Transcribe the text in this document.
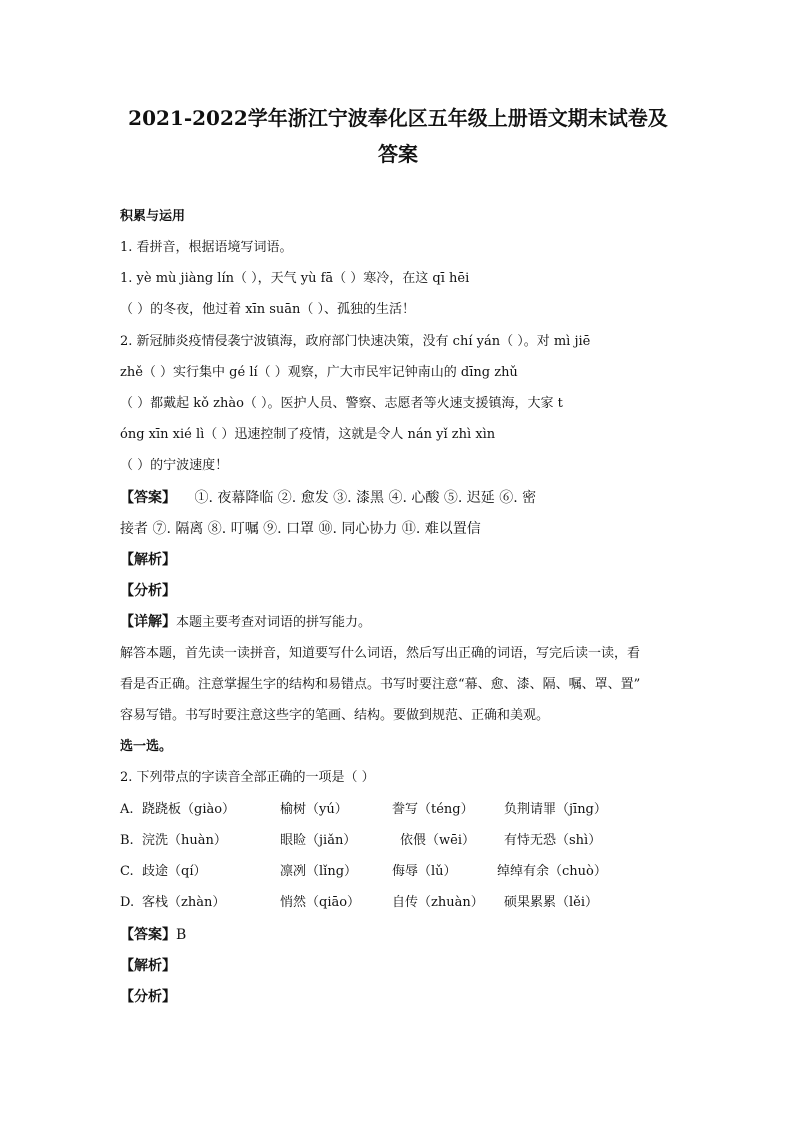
2021-2022学年浙江宁波奉化区五年级上册语文期末试卷及
答案
积累与运用
1. 看拼音，根据语境写词语。
1. yè mù jiàng lín（ ），天气 yù fā（ ）寒冷，在这 qī hēi
（ ）的冬夜，他过着 xīn suān（ ）、孤独的生活！
2. 新冠肺炎疫情侵袭宁波镇海，政府部门快速决策，没有 chí yán（ ）。对 mì jiē
zhě（ ）实行集中 gé lí（ ）观察，广大市民牢记钟南山的 dīng zhǔ
（ ）都戴起 kǒ zhào（ ）。医护人员、警察、志愿者等火速支援镇海，大家 t
óng xīn xié lì（ ）迅速控制了疫情，这就是令人 nán yǐ zhì xìn
（ ）的宁波速度！
【答案】 ①. 夜幕降临 ②. 愈发 ③. 漆黑 ④. 心酸 ⑤. 迟延 ⑥. 密
接者 ⑦. 隔离 ⑧. 叮嘱 ⑨. 口罩 ⑩. 同心协力 ⑪. 难以置信
【解析】
【分析】
【详解】本题主要考查对词语的拼写能力。
解答本题，首先读一读拼音，知道要写什么词语，然后写出正确的词语，写完后读一读，看
看是否正确。注意掌握生字的结构和易错点。书写时要注意“幕、愈、漆、隔、嘱、罩、置”
容易写错。书写时要注意这些字的笔画、结构。要做到规范、正确和美观。
选一选。
2. 下列带点的字读音全部正确的一项是（ ）
A. 跷跷板（giào）	榆树（yú）	誊写（téng） 负荆请罪（jīng）
B. 浣洗（huàn）	眼睑（jiǎn）	依偎（wēi） 有恃无恐（shì）
C. 歧途（qí）	凛冽（lǐng）	侮辱（lǔ）	绰绰有余（chuò）
D. 客栈（zhàn）	悄然（qiāo） 自传（zhuàn） 硕果累累（lěi）
【答案】B
【解析】
【分析】
